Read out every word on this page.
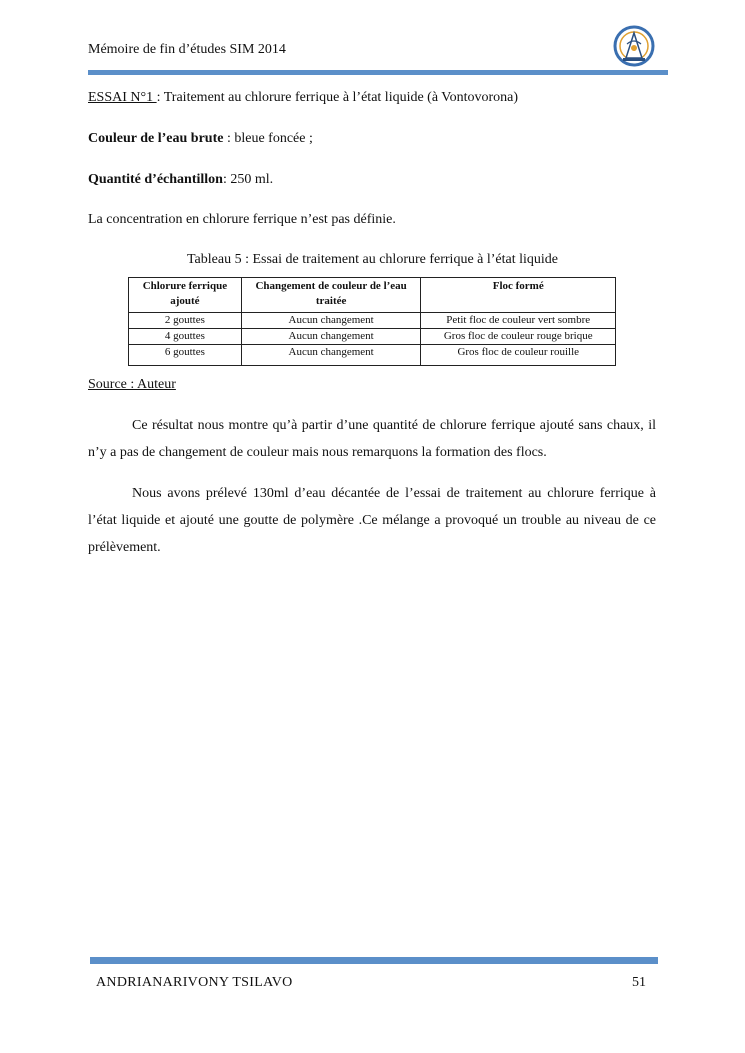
Mémoire de fin d’études SIM 2014
ESSAI N°1 : Traitement au chlorure ferrique à l’état liquide (à Vontovorona)
Couleur de l’eau brute : bleue foncée ;
Quantité d’échantillon: 250 ml.
La concentration en chlorure ferrique n’est pas définie.
Tableau 5 : Essai de traitement au chlorure ferrique à l’état liquide
Chlorure ferrique ajouté	Changement de couleur de l’eau traitée	Floc formé
2 gouttes	Aucun changement	Petit floc de couleur vert sombre
4 gouttes	Aucun changement	Gros floc de couleur rouge brique
6 gouttes	Aucun changement	Gros floc de couleur rouille
Source : Auteur

Ce résultat nous montre qu’à partir d’une quantité de chlorure ferrique ajouté sans chaux, il n’y a pas de changement de couleur mais nous remarquons la formation des flocs.

Nous avons prélevé 130ml d’eau décantée de l’essai de traitement au chlorure ferrique à l’état liquide et ajouté une goutte de polymère .Ce mélange a provoqué un trouble au niveau de ce prélèvement.

ANDRIANARIVONY TSILAVO	51
